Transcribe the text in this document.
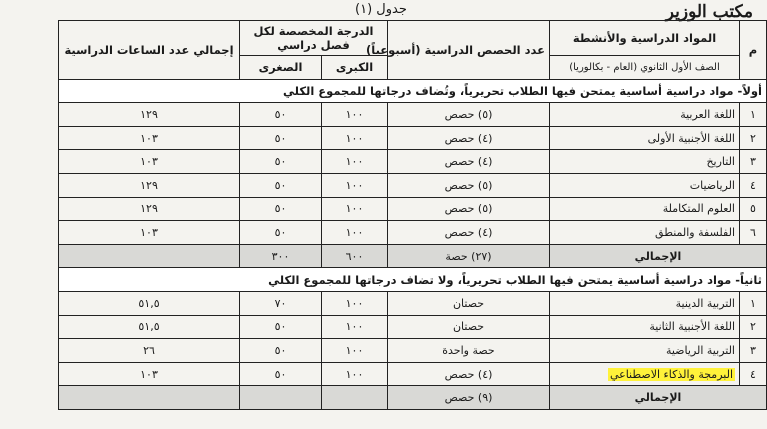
مكتب الوزير
جدول (١)
م	المواد الدراسية والأنشطة	عدد الحصص الدراسية (أسبوعياً)	الدرجة المخصصة لكل فصل دراسي		إجمالي عدد الساعات الدراسية
	الصف الأول الثانوي (العام - بكالوريا)		الكبرى	الصغرى	
أولاً- مواد دراسية أساسية يمتحن فيها الطلاب تحريرياً، وتُضاف درجاتها للمجموع الكلي					
١	اللغة العربية	(٥) حصص	١٠٠	٥٠	١٢٩
٢	اللغة الأجنبية الأولى	(٤) حصص	١٠٠	٥٠	١٠٣
٣	التاريخ	(٤) حصص	١٠٠	٥٠	١٠٣
٤	الرياضيات	(٥) حصص	١٠٠	٥٠	١٢٩
٥	العلوم المتكاملة	(٥) حصص	١٠٠	٥٠	١٢٩
٦	الفلسفة والمنطق	(٤) حصص	١٠٠	٥٠	١٠٣
الإجمالي		(٢٧) حصة	٦٠٠	٣٠٠	
ثانياً- مواد دراسية أساسية يمتحن فيها الطلاب تحريرياً، ولا تضاف درجاتها للمجموع الكلي					
١	التربية الدينية	حصتان	١٠٠	٧٠	٥١,٥
٢	اللغة الأجنبية الثانية	حصتان	١٠٠	٥٠	٥١,٥
٣	التربية الرياضية	حصة واحدة	١٠٠	٥٠	٢٦
٤	البرمجة والذكاء الاصطناعي	(٤) حصص	١٠٠	٥٠	١٠٣
الإجمالي		(٩) حصص			
